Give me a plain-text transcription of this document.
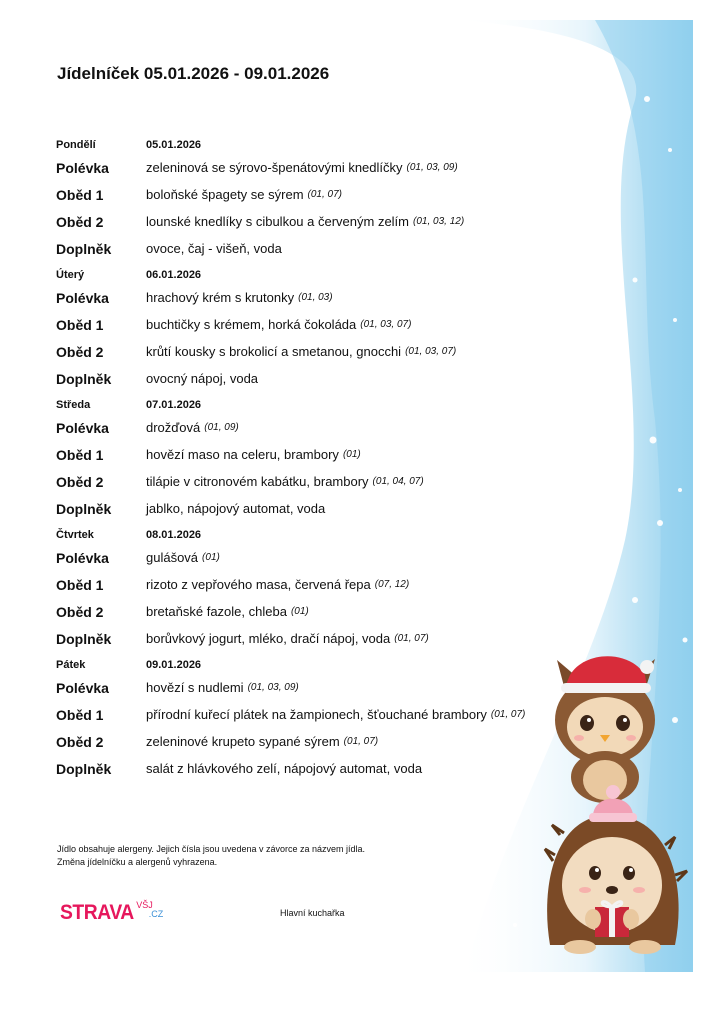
Jídelníček 05.01.2026 - 09.01.2026
Pondělí	05.01.2026
Polévka	zeleninová se sýrovo-špenátovými knedlíčky (01, 03, 09)
Oběd 1	boloňské špagety se sýrem (01, 07)
Oběd 2	lounské knedlíky s cibulkou a červeným zelím (01, 03, 12)
Doplněk	ovoce, čaj - višeň, voda
Úterý	06.01.2026
Polévka	hrachový krém s krutonky (01, 03)
Oběd 1	buchtičky s krémem, horká čokoláda (01, 03, 07)
Oběd 2	krůtí kousky s brokolicí a smetanou, gnocchi (01, 03, 07)
Doplněk	ovocný nápoj, voda
Středa	07.01.2026
Polévka	drožďová (01, 09)
Oběd 1	hovězí maso na celeru, brambory (01)
Oběd 2	tilápie v citronovém kabátku, brambory (01, 04, 07)
Doplněk	jablko, nápojový automat, voda
Čtvrtek	08.01.2026
Polévka	gulášová (01)
Oběd 1	rizoto z vepřového masa, červená řepa (07, 12)
Oběd 2	bretaňské fazole, chleba (01)
Doplněk	borůvkový jogurt, mléko, dračí nápoj, voda (01, 07)
Pátek	09.01.2026
Polévka	hovězí s nudlemi (01, 03, 09)
Oběd 1	přírodní kuřecí plátek na žampionech, šťouchané brambory (01, 07)
Oběd 2	zeleninové krupeto sypané sýrem (01, 07)
Doplněk	salát z hlávkového zelí, nápojový automat, voda
Jídlo obsahuje alergeny. Jejich čísla jsou uvedena v závorce za názvem jídla.
Změna jídelníčku a alergenů vyhrazena.
STRAVA VŠJ
.CZ	Hlavní kuchařka
